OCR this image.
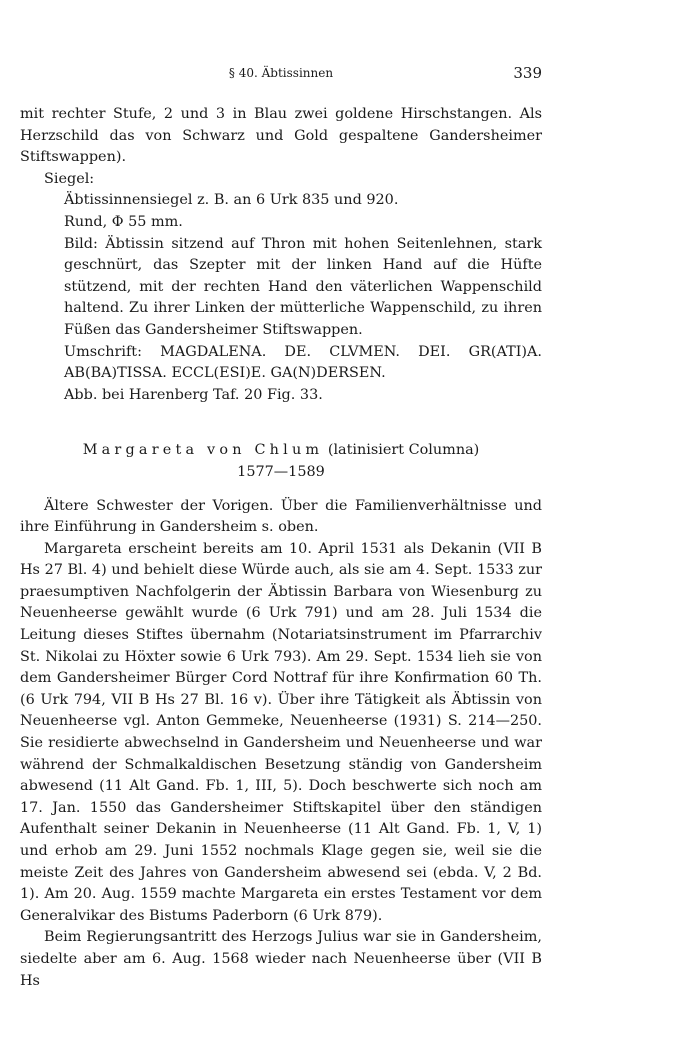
§ 40. Äbtissinnen	339

mit rechter Stufe, 2 und 3 in Blau zwei goldene Hirschstangen. Als Herzschild das von Schwarz und Gold gespaltene Gandersheimer Stiftswappen).

Siegel:

Äbtissinnensiegel z. B. an 6 Urk 835 und 920.

Rund, Φ 55 mm.

Bild: Äbtissin sitzend auf Thron mit hohen Seitenlehnen, stark geschnürt, das Szepter mit der linken Hand auf die Hüfte stützend, mit der rechten Hand den väterlichen Wappenschild haltend. Zu ihrer Linken der mütterliche Wappenschild, zu ihren Füßen das Gandersheimer Stiftswappen.

Umschrift: MAGDALENA. DE. CLVMEN. DEI. GR(ATI)A. AB(BA)TISSA. ECCL(ESI)E. GA(N)DERSEN.

Abb. bei Harenberg Taf. 20 Fig. 33.

Margareta von Chlum (latinisiert Columna)
1577—1589

Ältere Schwester der Vorigen. Über die Familienverhältnisse und ihre Einführung in Gandersheim s. oben.

Margareta erscheint bereits am 10. April 1531 als Dekanin (VII B Hs 27 Bl. 4) und behielt diese Würde auch, als sie am 4. Sept. 1533 zur praesumptiven Nachfolgerin der Äbtissin Barbara von Wiesenburg zu Neuenheerse gewählt wurde (6 Urk 791) und am 28. Juli 1534 die Leitung dieses Stiftes übernahm (Notariatsinstrument im Pfarrarchiv St. Nikolai zu Höxter sowie 6 Urk 793). Am 29. Sept. 1534 lieh sie von dem Gandersheimer Bürger Cord Nottraf für ihre Konfirmation 60 Th. (6 Urk 794, VII B Hs 27 Bl. 16 v). Über ihre Tätigkeit als Äbtissin von Neuenheerse vgl. Anton Gemmeke, Neuenheerse (1931) S. 214—250. Sie residierte abwechselnd in Gandersheim und Neuenheerse und war während der Schmalkaldischen Besetzung ständig von Gandersheim abwesend (11 Alt Gand. Fb. 1, III, 5). Doch beschwerte sich noch am 17. Jan. 1550 das Gandersheimer Stiftskapitel über den ständigen Aufenthalt seiner Dekanin in Neuenheerse (11 Alt Gand. Fb. 1, V, 1) und erhob am 29. Juni 1552 nochmals Klage gegen sie, weil sie die meiste Zeit des Jahres von Gandersheim abwesend sei (ebda. V, 2 Bd. 1). Am 20. Aug. 1559 machte Margareta ein erstes Testament vor dem Generalvikar des Bistums Paderborn (6 Urk 879).

Beim Regierungsantritt des Herzogs Julius war sie in Gandersheim, siedelte aber am 6. Aug. 1568 wieder nach Neuenheerse über (VII B Hs
